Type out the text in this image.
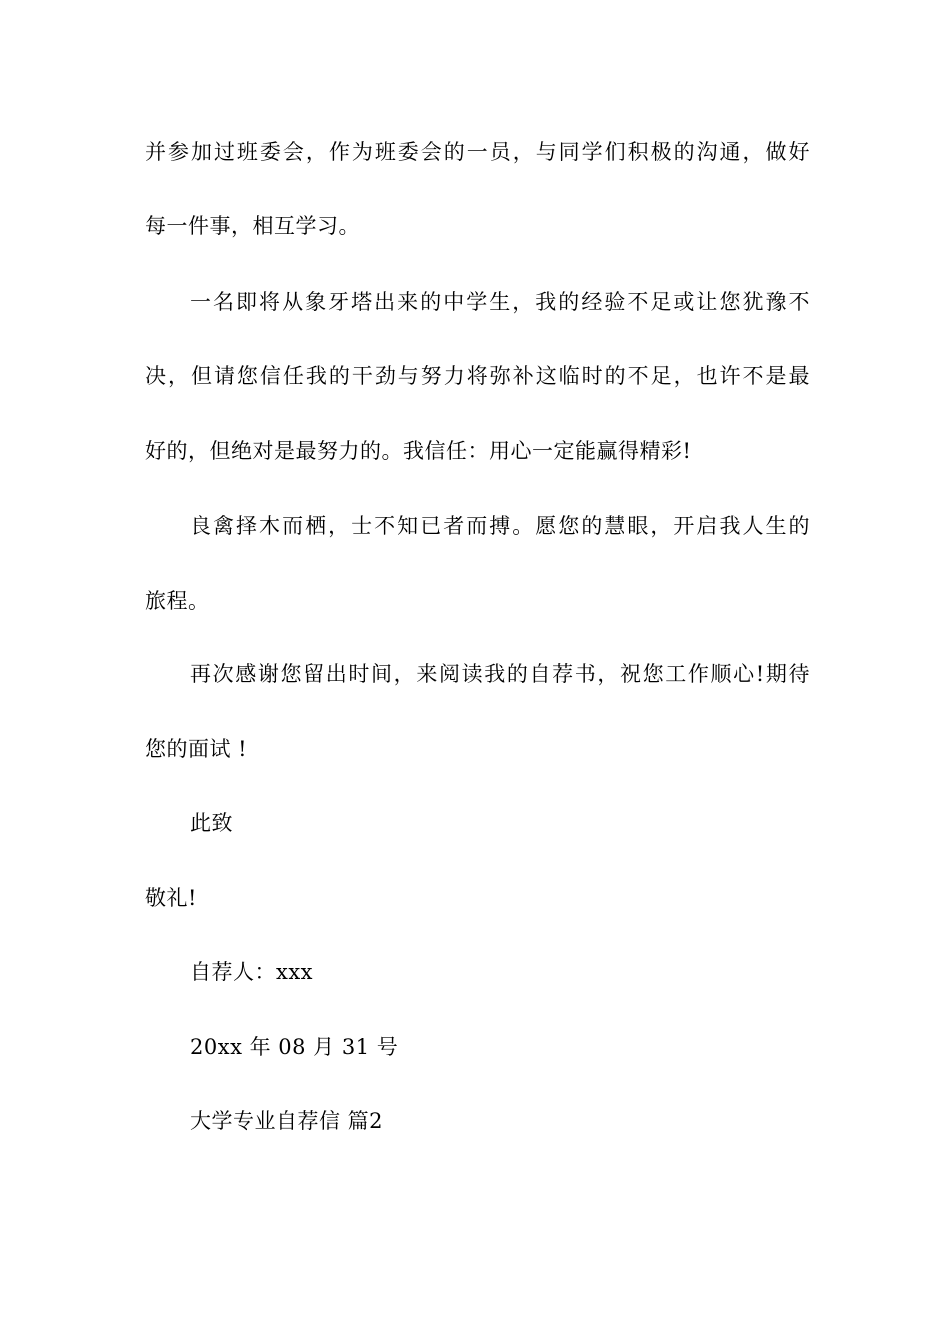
并参加过班委会，作为班委会的一员，与同学们积极的沟通，做好
每一件事，相互学习。
一名即将从象牙塔出来的中学生，我的经验不足或让您犹豫不
决，但请您信任我的干劲与努力将弥补这临时的不足，也许不是最
好的，但绝对是最努力的。我信任：用心一定能赢得精彩!
良禽择木而栖，士不知已者而搏。愿您的慧眼，开启我人生的
旅程。
再次感谢您留出时间，来阅读我的自荐书，祝您工作顺心!期待
您的面试 !
此致
敬礼!
自荐人：xxx
20xx 年 08 月 31 号
大学专业自荐信 篇2
